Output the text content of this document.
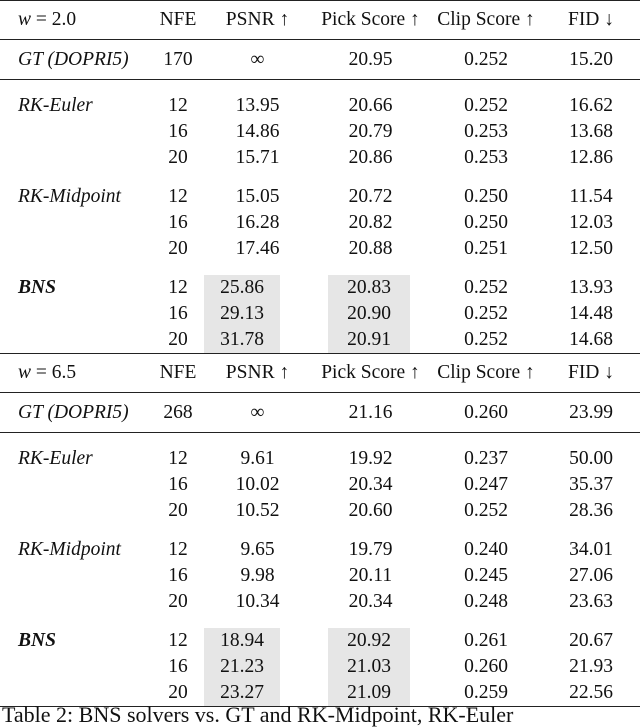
w = 2.0	NFE	PSNR ↑	Pick Score ↑	Clip Score ↑	FID ↓
GT (DOPRI5)	170	∞	20.95	0.252	15.20

RK-Euler	12	13.95	20.66	0.252	16.62
	16	14.86	20.79	0.253	13.68
	20	15.71	20.86	0.253	12.86

RK-Midpoint	12	15.05	20.72	0.250	11.54
	16	16.28	20.82	0.250	12.03
	20	17.46	20.88	0.251	12.50

BNS	12	25.86	20.83	0.252	13.93
	16	29.13	20.90	0.252	14.48
	20	31.78	20.91	0.252	14.68
w = 6.5	NFE	PSNR ↑	Pick Score ↑	Clip Score ↑	FID ↓
GT (DOPRI5)	268	∞	21.16	0.260	23.99

RK-Euler	12	9.61	19.92	0.237	50.00
	16	10.02	20.34	0.247	35.37
	20	10.52	20.60	0.252	28.36

RK-Midpoint	12	9.65	19.79	0.240	34.01
	16	9.98	20.11	0.245	27.06
	20	10.34	20.34	0.248	23.63

BNS	12	18.94	20.92	0.261	20.67
	16	21.23	21.03	0.260	21.93
	20	23.27	21.09	0.259	22.56
Table 2: BNS solvers vs. GT and RK-Midpoint, RK-Euler
